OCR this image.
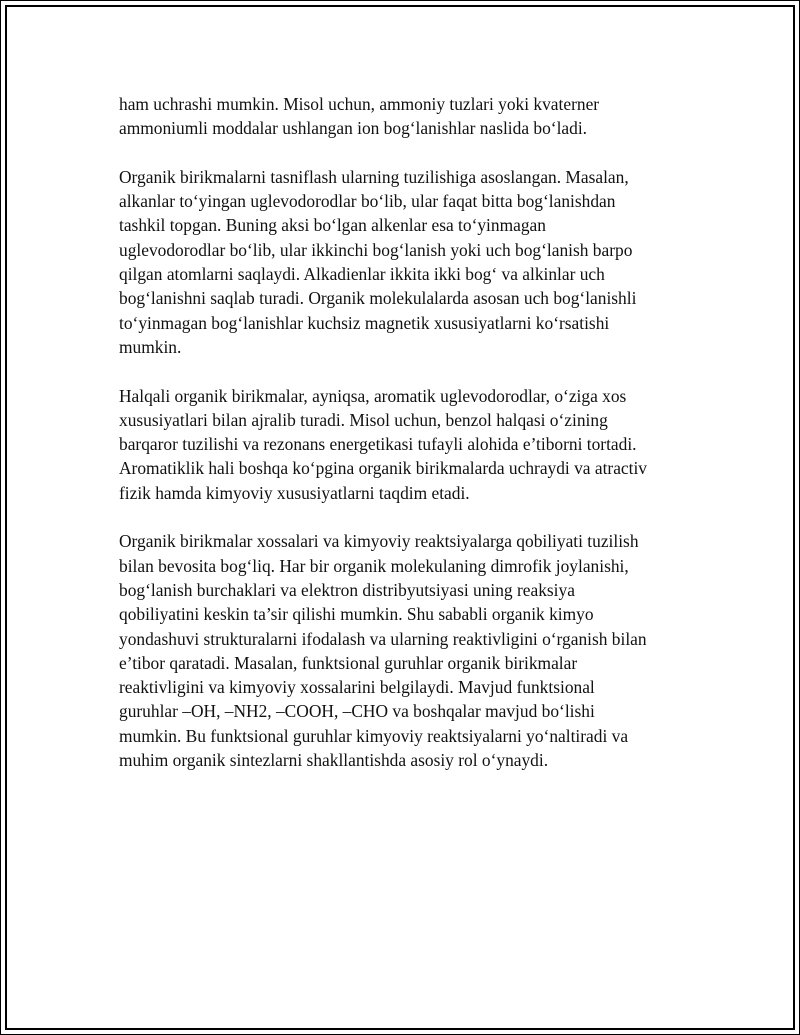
ham uchrashi mumkin. Misol uchun, ammoniy tuzlari yoki kvaterner
ammoniumli moddalar ushlangan ion bog‘lanishlar naslida bo‘ladi.

Organik birikmalarni tasniflash ularning tuzilishiga asoslangan. Masalan,
alkanlar to‘yingan uglevodorodlar bo‘lib, ular faqat bitta bog‘lanishdan
tashkil topgan. Buning aksi bo‘lgan alkenlar esa to‘yinmagan
uglevodorodlar bo‘lib, ular ikkinchi bog‘lanish yoki uch bog‘lanish barpo
qilgan atomlarni saqlaydi. Alkadienlar ikkita ikki bog‘ va alkinlar uch
bog‘lanishni saqlab turadi. Organik molekulalarda asosan uch bog‘lanishli
to‘yinmagan bog‘lanishlar kuchsiz magnetik xususiyatlarni ko‘rsatishi
mumkin.

Halqali organik birikmalar, ayniqsa, aromatik uglevodorodlar, o‘ziga xos
xususiyatlari bilan ajralib turadi. Misol uchun, benzol halqasi o‘zining
barqaror tuzilishi va rezonans energetikasi tufayli alohida e’tiborni tortadi.
Aromatiklik hali boshqa ko‘pgina organik birikmalarda uchraydi va atractiv
fizik hamda kimyoviy xususiyatlarni taqdim etadi.

Organik birikmalar xossalari va kimyoviy reaktsiyalarga qobiliyati tuzilish
bilan bevosita bog‘liq. Har bir organik molekulaning dimrofik joylanishi,
bog‘lanish burchaklari va elektron distribyutsiyasi uning reaksiya
qobiliyatini keskin ta’sir qilishi mumkin. Shu sababli organik kimyo
yondashuvi strukturalarni ifodalash va ularning reaktivligini o‘rganish bilan
e’tibor qaratadi. Masalan, funktsional guruhlar organik birikmalar
reaktivligini va kimyoviy xossalarini belgilaydi. Mavjud funktsional
guruhlar –OH, –NH2, –COOH, –CHO va boshqalar mavjud bo‘lishi
mumkin. Bu funktsional guruhlar kimyoviy reaktsiyalarni yo‘naltiradi va
muhim organik sintezlarni shakllantishda asosiy rol o‘ynaydi.
